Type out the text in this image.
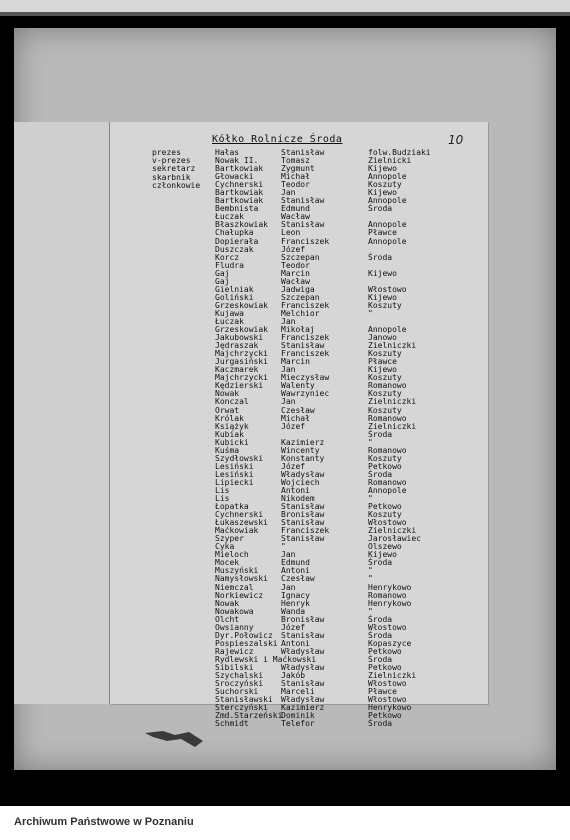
10
Kółko Rolnicze Środa
prezes
v-prezes
sekretarz
skarbnik
członkowie
Hałas
Nowak II.
Bartkowiak
Głowacki
Cychnerski
Bartkowiak
Bartkowiak
Bembnista
Łuczak
Błaszkowiak
Chałupka
Dopierała
Duszczak
Korcz
Fludra
Gaj
Gaj
Gielniak
Goliński
Grzeskowiak
Kujawa
Łuczak
Grzeskowiak
Jakubowski
Jędraszak
Majchrzycki
Jurgasiński
Kaczmarek
Majchrzycki
Kędzierski
Nowak
Konczal
Orwat
Królak
Książyk
Kubiak
Kubicki
Kuśma
Szydłowski
Lesiński
Lesiński
Lipiecki
Lis
Lis
Łopatka
Cychnerski
Łukaszewski
Maćkowiak
Szyper
Cyka
Mieloch
Mocek
Muszyński
Namysłowski
Niemczal
Norkiewicz
Nowak
Nowakowa
Olcht
Owsianny
Dyr.Połowicz
Pospieszalski
Rajewicz
Rydlewski i Maćkowski
Sibilski
Szychalski
Sroczyński
Suchorski
Stanisławski
Sterczyński
Zmd.Starzeński
Schmidt
Stanisław
Tomasz
Zygmunt
Michał
Teodor
Jan
Stanisław
Edmund
Wacław
Stanisław
Leon
Franciszek
Józef
Szczepan
Teodor
Marcin
Wacław
Jadwiga
Szczepan
Franciszek
Melchior
Jan
Mikołaj
Franciszek
Stanisław
Franciszek
Marcin
Jan
Mieczysław
Walenty
Wawrzyniec
Jan
Czesław
Michał
Józef
Kazimierz
Wincenty
Konstanty
Józef
Władysław
Wojciech
Antoni
Nikodem
Stanisław
Bronisław
Stanisław
Franciszek
Stanisław
"
Jan
Edmund
Antoni
Czesław
Jan
Ignacy
Henryk
Wanda
Bronisław
Józef
Stanisław
Antoni
Władysław
Władysław
Jakób
Stanisław
Marceli
Władysław
Kazimierz
Dominik
Telefor
folw.Budziaki
Zielnicki
Kijewo
Annopole
Koszuty
Kijewo
Annopole
Środa
Annopole
Pławce
Annopole
Środa
Kijewo
Włostowo
Kijewo
Koszuty
"
Annopole
Janowo
Zielniczki
Koszuty
Pławce
Kijewo
Koszuty
Romanowo
Koszuty
Zielniczki
Koszuty
Romanowo
Zielniczki
Środa
"
Romanowo
Koszuty
Petkowo
Środa
Romanowo
Annopole
"
Petkowo
Koszuty
Włostowo
Zielniczki
Jarosławiec
Olszewo
Kijewo
Środa
"
"
Henrykowo
Romanowo
Henrykowo
"
Środa
Włostowo
Środa
Kopaszyce
Petkowo
Środa
Petkowo
Zielniczki
Włostowo
Pławce
Włostowo
Henrykowo
Petkowo
Środa
Archiwum Państwowe w Poznaniu
